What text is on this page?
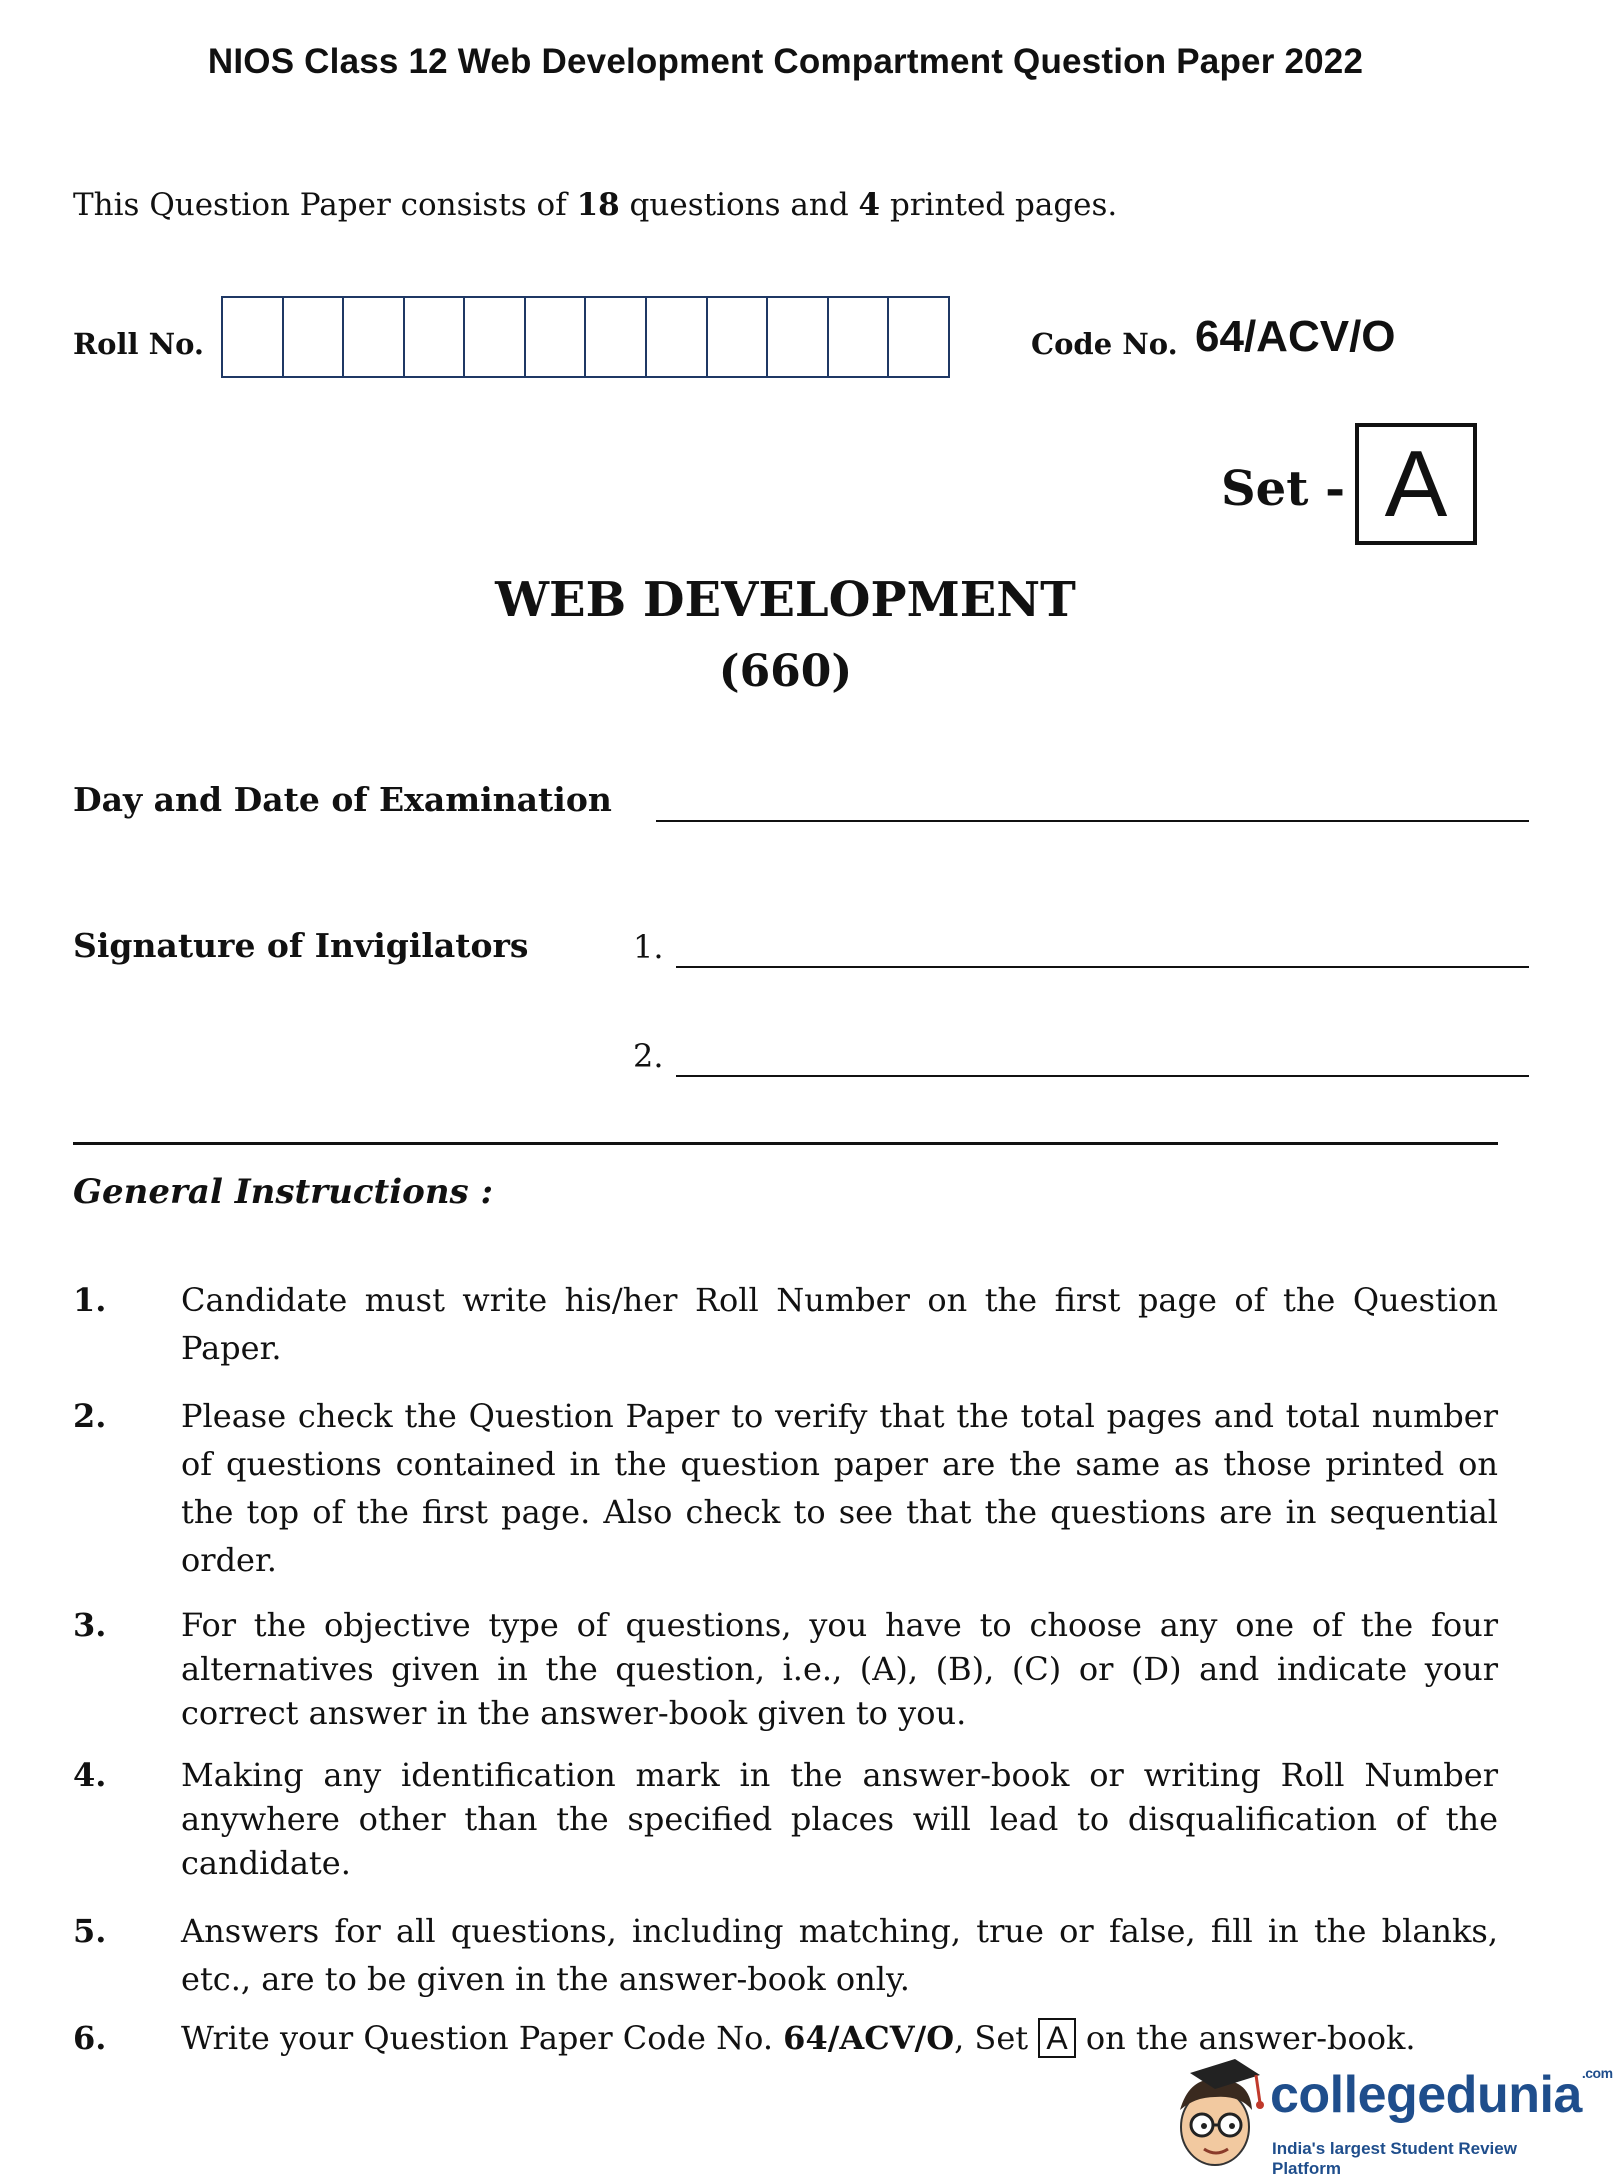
NIOS Class 12 Web Development Compartment Question Paper 2022
This Question Paper consists of 18 questions and 4 printed pages.
Roll No.	Code No. 64/ACV/O
Set - A
WEB DEVELOPMENT
(660)
Day and Date of Examination
Signature of Invigilators	1.
2.
General Instructions :
1. Candidate must write his/her Roll Number on the first page of the Question Paper.
2. Please check the Question Paper to verify that the total pages and total number of questions contained in the question paper are the same as those printed on the top of the first page. Also check to see that the questions are in sequential order.
3. For the objective type of questions, you have to choose any one of the four alternatives given in the question, i.e., (A), (B), (C) or (D) and indicate your correct answer in the answer-book given to you.
4. Making any identification mark in the answer-book or writing Roll Number anywhere other than the specified places will lead to disqualification of the candidate.
5. Answers for all questions, including matching, true or false, fill in the blanks, etc., are to be given in the answer-book only.
6. Write your Question Paper Code No. 64/ACV/O, Set A on the answer-book.
collegedunia$^{.com}$
India's largest Student Review Platform
